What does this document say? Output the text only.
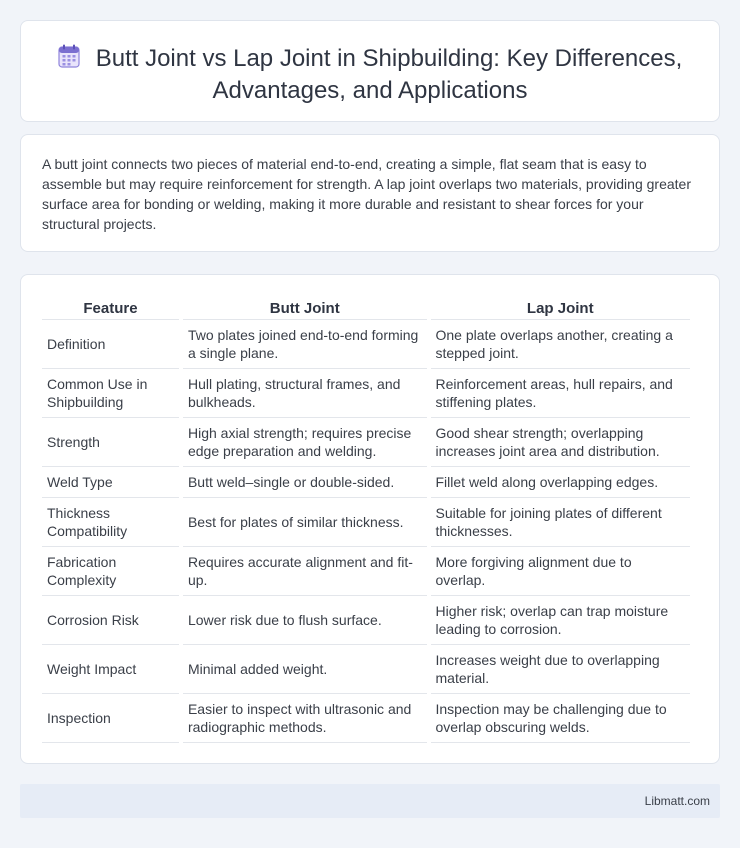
Butt Joint vs Lap Joint in Shipbuilding: Key Differences,
Advantages, and Applications

A butt joint connects two pieces of material end-to-end, creating a simple, flat seam that is easy to assemble but may require reinforcement for strength. A lap joint overlaps two materials, providing greater surface area for bonding or welding, making it more durable and resistant to shear forces for your structural projects.

Feature	Butt Joint	Lap Joint
Definition	Two plates joined end-to-end forming a single plane.	One plate overlaps another, creating a stepped joint.
Common Use in Shipbuilding	Hull plating, structural frames, and bulkheads.	Reinforcement areas, hull repairs, and stiffening plates.
Strength	High axial strength; requires precise edge preparation and welding.	Good shear strength; overlapping increases joint area and distribution.
Weld Type	Butt weld–single or double-sided.	Fillet weld along overlapping edges.
Thickness Compatibility	Best for plates of similar thickness.	Suitable for joining plates of different thicknesses.
Fabrication Complexity	Requires accurate alignment and fit-up.	More forgiving alignment due to overlap.
Corrosion Risk	Lower risk due to flush surface.	Higher risk; overlap can trap moisture leading to corrosion.
Weight Impact	Minimal added weight.	Increases weight due to overlapping material.
Inspection	Easier to inspect with ultrasonic and radiographic methods.	Inspection may be challenging due to overlap obscuring welds.
Libmatt.com
